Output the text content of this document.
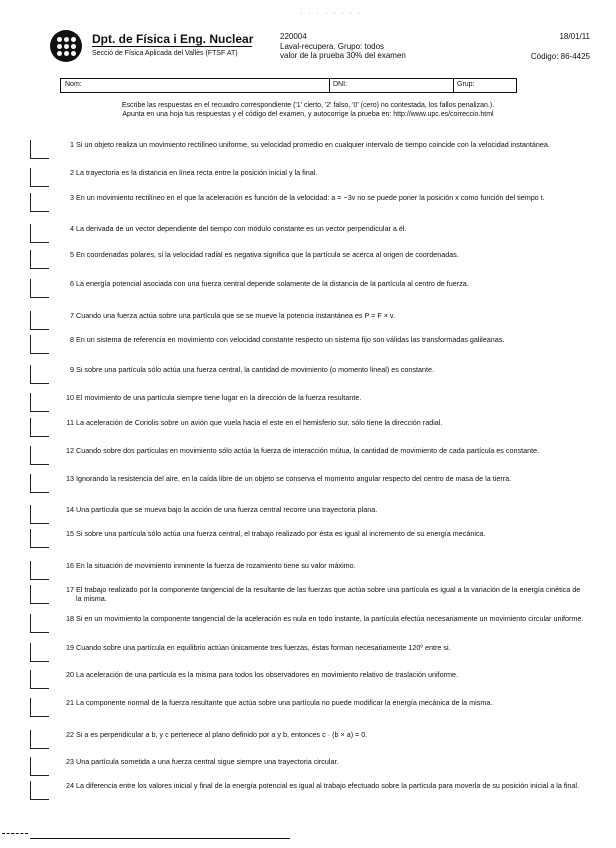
· · · · · · · ·
Dpt. de Física i Eng. Nuclear
Secció de Física Aplicada del Vallès (FTSF AT)
220004
Laval-recupera. Grupo: todos
valor de la prueba 30% del examen
18/01/11
Código: 86-4425
Nom:	DNI:	Grup:
Escribe las respuestas en el recuadro correspondiente ('1' cierto, '2' falso, '0' (cero) no contestada, los fallos penalizan.).
Apunta en una hoja tus respuestas y el código del examen, y autocorrige la prueba en: http://www.upc.es/correccio.html
1 Si un objeto realiza un movimiento rectilíneo uniforme, su velocidad promedio en cualquier intervalo de tiempo coincide con la velocidad instantánea.
2 La trayectoria es la distancia en línea recta entre la posición inicial y la final.
3 En un movimiento rectilíneo en el que la aceleración es función de la velocidad: a = −3v no se puede poner la posición x como función del tiempo t.
4 La derivada de un vector dependiente del tiempo con módulo constante es un vector perpendicular a él.
5 En coordenadas polares, si la velocidad radial es negativa significa que la partícula se acerca al origen de coordenadas.
6 La energía potencial asociada con una fuerza central depende solamente de la distancia de la partícula al centro de fuerza.
7 Cuando una fuerza actúa sobre una partícula que se se mueve la potencia instantánea es P = F × v.
8 En un sistema de referencia en movimiento con velocidad constante respecto un sistema fijo son válidas las transformadas galileanas.
9 Si sobre una partícula sólo actúa una fuerza central, la cantidad de movimiento (o momento lineal) es constante.
10 El movimiento de una partícula siempre tiene lugar en la dirección de la fuerza resultante.
11 La aceleración de Coriolis sobre un avión que vuela hacia el este en el hemisferio sur, sólo tiene la dirección radial.
12 Cuando sobre dos partículas en movimiento sólo actúa la fuerza de interacción mútua, la cantidad de movimiento de cada partícula es constante.
13 Ignorando la resistencia del aire, en la caída libre de un objeto se conserva el momento angular respecto del centro de masa de la tierra.
14 Una partícula que se mueva bajo la acción de una fuerza central recorre una trayectoria plana.
15 Si sobre una partícula sólo actúa una fuerza central, el trabajo realizado por ésta es igual al incremento de su energía mecánica.
16 En la situación de movimiento inminente la fuerza de rozamiento tiene su valor máximo.
17 El trabajo realizado por la componente tangencial de la resultante de las fuerzas que actúa sobre una partícula es igual a la variación de la energía cinética de la misma.
18 Si en un movimiento la componente tangencial de la aceleración es nula en todo instante, la partícula efectúa necesariamente un movimiento circular uniforme.
19 Cuando sobre una partícula en equilibrio actúan únicamente tres fuerzas, éstas forman necesariamente 120º entre si.
20 La aceleración de una partícula es la misma para todos los observadores en movimiento relativo de traslación uniforme.
21 La componente normal de la fuerza resultante que actúa sobre una partícula no puede modificar la energía mecánica de la misma.
22 Si a es perpendicular a b, y c pertenece al plano definido por a y b, entonces c · (b × a) = 0.
23 Una partícula sometida a una fuerza central sigue siempre una trayectoria circular.
24 La diferencia entre los valores inicial y final de la energía potencial es igual al trabajo efectuado sobre la partícula para moverla de su posición inicial a la final.
